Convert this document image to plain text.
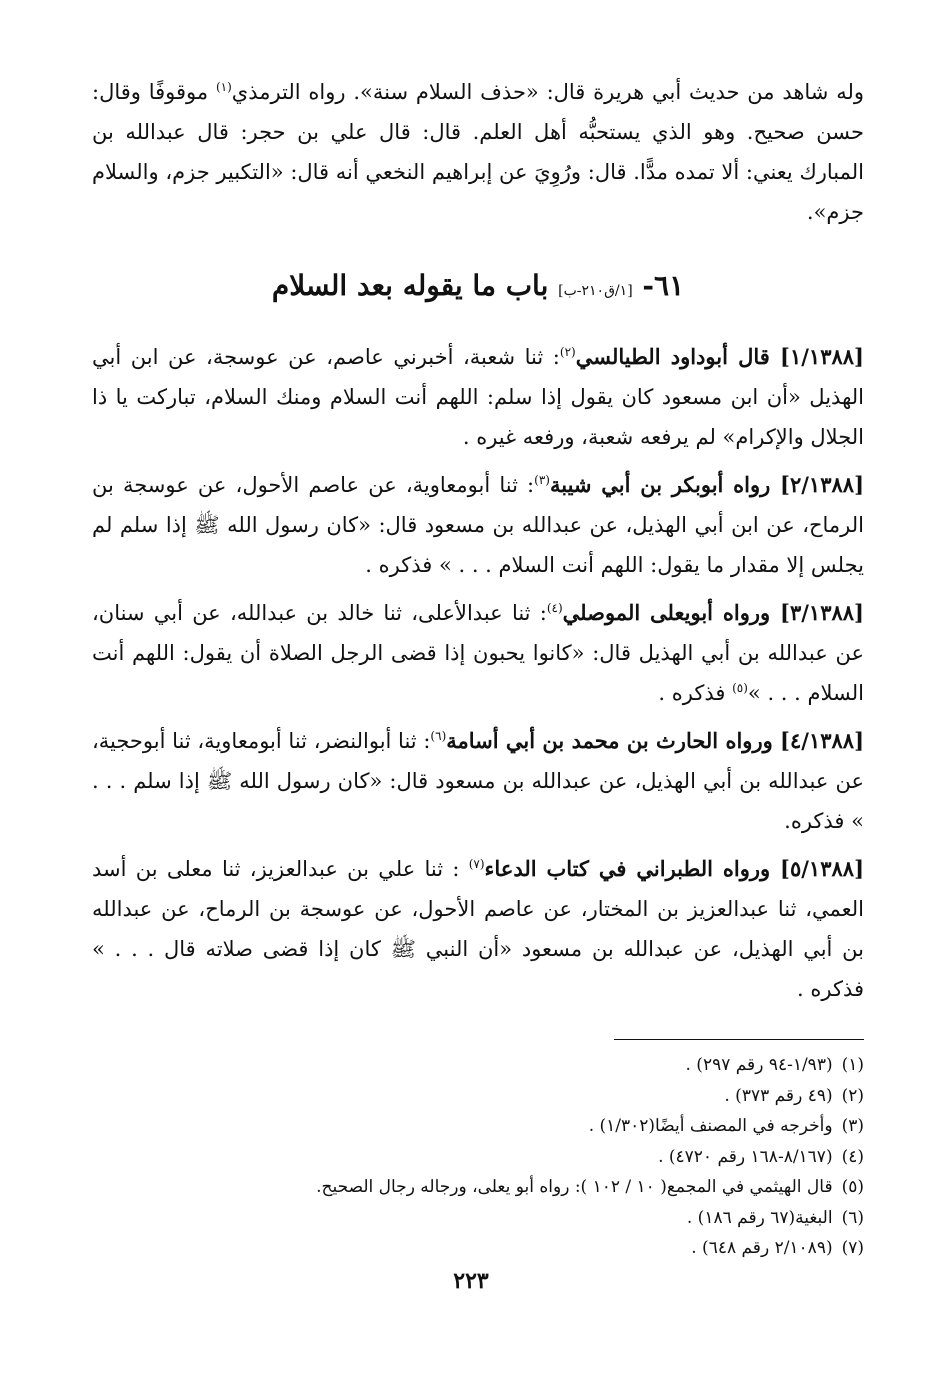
وله شاهد من حديث أبي هريرة قال: «حذف السلام سنة». رواه الترمذي$^{(١)}$ موقوفًا وقال: حسن صحيح. وهو الذي يستحبُّه أهل العلم. قال: قال علي بن حجر: قال عبدالله بن المبارك يعني: ألا تمده مدًّا. قال: ورُوِيَ عن إبراهيم النخعي أنه قال: «التكبير جزم، والسلام جزم».

٦١- [١/ق٢١٠-ب] باب ما يقوله بعد السلام

[١/١٣٨٨] قال أبوداود الطيالسي$^{(٢)}$: ثنا شعبة، أخبرني عاصم، عن عوسجة، عن ابن أبي الهذيل «أن ابن مسعود كان يقول إذا سلم: اللهم أنت السلام ومنك السلام، تباركت يا ذا الجلال والإكرام» لم يرفعه شعبة، ورفعه غيره .

[٢/١٣٨٨] رواه أبوبكر بن أبي شيبة$^{(٣)}$: ثنا أبومعاوية، عن عاصم الأحول، عن عوسجة بن الرماح، عن ابن أبي الهذيل، عن عبدالله بن مسعود قال: «كان رسول الله ﷺ إذا سلم لم يجلس إلا مقدار ما يقول: اللهم أنت السلام . . . » فذكره .

[٣/١٣٨٨] ورواه أبويعلى الموصلي$^{(٤)}$: ثنا عبدالأعلى، ثنا خالد بن عبدالله، عن أبي سنان، عن عبدالله بن أبي الهذيل قال: «كانوا يحبون إذا قضى الرجل الصلاة أن يقول: اللهم أنت السلام . . . »$^{(٥)}$ فذكره .

[٤/١٣٨٨] ورواه الحارث بن محمد بن أبي أسامة$^{(٦)}$: ثنا أبوالنضر، ثنا أبومعاوية، ثنا أبوحجية، عن عبدالله بن أبي الهذيل، عن عبدالله بن مسعود قال: «كان رسول الله ﷺ إذا سلم . . . » فذكره.

[٥/١٣٨٨] ورواه الطبراني في كتاب الدعاء$^{(٧)}$ : ثنا علي بن عبدالعزيز، ثنا معلى بن أسد العمي، ثنا عبدالعزيز بن المختار، عن عاصم الأحول، عن عوسجة بن الرماح، عن عبدالله بن أبي الهذيل، عن عبدالله بن مسعود «أن النبي ﷺ كان إذا قضى صلاته قال . . . » فذكره .

(١) (١/٩٣-٩٤ رقم ٢٩٧) .

(٢) (٤٩ رقم ٣٧٣) .

(٣) وأخرجه في المصنف أيضًا(١/٣٠٢) .

(٤) (٨/١٦٧-١٦٨ رقم ٤٧٢٠) .

(٥) قال الهيثمي في المجمع( ١٠ / ١٠٢ ): رواه أبو يعلى، ورجاله رجال الصحيح.

(٦) البغية(٦٧ رقم ١٨٦) .

(٧) (٢/١٠٨٩ رقم ٦٤٨) .

٢٢٣
